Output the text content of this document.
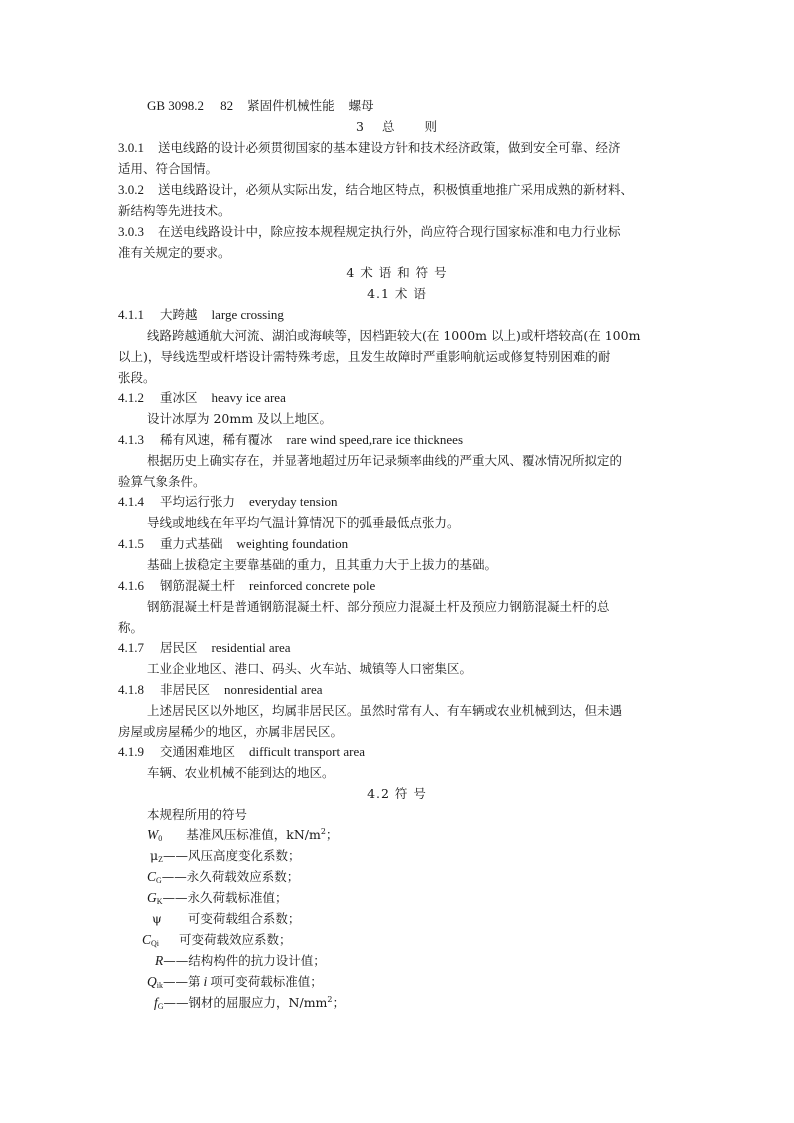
GB 3098.2 82 紧固件机械性能 螺母
3 总 则
3.0.1 送电线路的设计必须贯彻国家的基本建设方针和技术经济政策，做到安全可靠、经济
适用、符合国情。
3.0.2 送电线路设计，必须从实际出发，结合地区特点，积极慎重地推广采用成熟的新材料、
新结构等先进技术。
3.0.3 在送电线路设计中，除应按本规程规定执行外，尚应符合现行国家标准和电力行业标
准有关规定的要求。
4 术 语 和 符 号
4.1 术 语
4.1.1 大跨越 large crossing
线路跨越通航大河流、湖泊或海峡等，因档距较大(在 1000m 以上)或杆塔较高(在 100m
以上)，导线选型或杆塔设计需特殊考虑，且发生故障时严重影响航运或修复特别困难的耐
张段。
4.1.2 重冰区 heavy ice area
设计冰厚为 20mm 及以上地区。
4.1.3 稀有风速，稀有覆冰 rare wind speed,rare ice thicknees
根据历史上确实存在，并显著地超过历年记录频率曲线的严重大风、覆冰情况所拟定的
验算气象条件。
4.1.4 平均运行张力 everyday tension
导线或地线在年平均气温计算情况下的弧垂最低点张力。
4.1.5 重力式基础 weighting foundation
基础上拔稳定主要靠基础的重力，且其重力大于上拔力的基础。
4.1.6 钢筋混凝土杆 reinforced concrete pole
钢筋混凝土杆是普通钢筋混凝土杆、部分预应力混凝土杆及预应力钢筋混凝土杆的总
称。
4.1.7 居民区 residential area
工业企业地区、港口、码头、火车站、城镇等人口密集区。
4.1.8 非居民区 nonresidential area
上述居民区以外地区，均属非居民区。虽然时常有人、有车辆或农业机械到达，但未遇
房屋或房屋稀少的地区，亦属非居民区。
4.1.9 交通困难地区 difficult transport area
车辆、农业机械不能到达的地区。
4.2 符 号
本规程所用的符号
$W_0$ 基准风压标准值，$kN/m^2$；
$\mu_Z——$风压高度变化系数；
$C_G——$永久荷载效应系数；
$G_K——$永久荷载标准值；
ψ 可变荷载组合系数；
$C_{Qi}$ 可变荷载效应系数；
R——结构构件的抗力设计值；
$Q_{ik}——$第 i 项可变荷载标准值；
$f_G——$钢材的屈服应力，$N/mm^2$；
